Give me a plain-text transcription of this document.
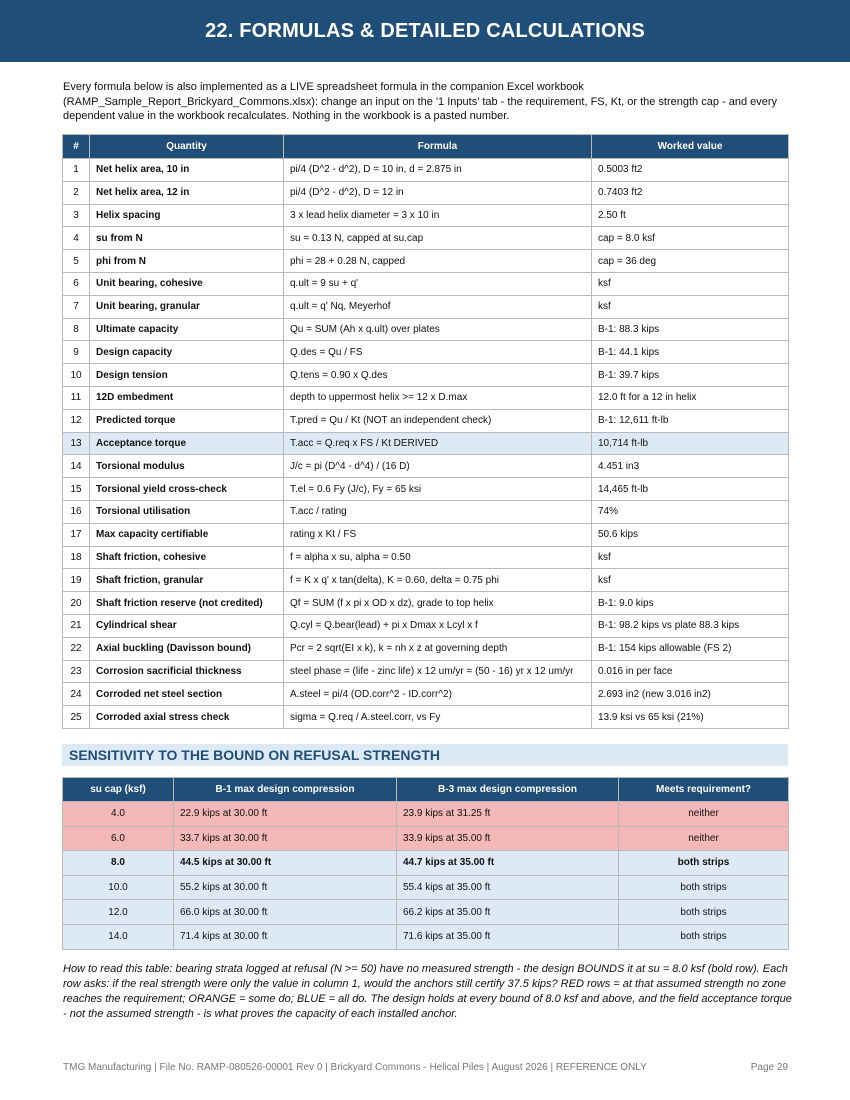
22. FORMULAS & DETAILED CALCULATIONS
Every formula below is also implemented as a LIVE spreadsheet formula in the companion Excel workbook (RAMP_Sample_Report_Brickyard_Commons.xlsx): change an input on the '1 Inputs' tab - the requirement, FS, Kt, or the strength cap - and every dependent value in the workbook recalculates. Nothing in the workbook is a pasted number.
#	Quantity	Formula	Worked value
1	Net helix area, 10 in	pi/4 (D^2 - d^2), D = 10 in, d = 2.875 in	0.5003 ft2
2	Net helix area, 12 in	pi/4 (D^2 - d^2), D = 12 in	0.7403 ft2
3	Helix spacing	3 x lead helix diameter = 3 x 10 in	2.50 ft
4	su from N	su = 0.13 N, capped at su.cap	cap = 8.0 ksf
5	phi from N	phi = 28 + 0.28 N, capped	cap = 36 deg
6	Unit bearing, cohesive	q.ult = 9 su + q'	ksf
7	Unit bearing, granular	q.ult = q' Nq, Meyerhof	ksf
8	Ultimate capacity	Qu = SUM (Ah x q.ult) over plates	B-1: 88.3 kips
9	Design capacity	Q.des = Qu / FS	B-1: 44.1 kips
10	Design tension	Q.tens = 0.90 x Q.des	B-1: 39.7 kips
11	12D embedment	depth to uppermost helix >= 12 x D.max	12.0 ft for a 12 in helix
12	Predicted torque	T.pred = Qu / Kt (NOT an independent check)	B-1: 12,611 ft-lb
13	Acceptance torque	T.acc = Q.req x FS / Kt DERIVED	10,714 ft-lb
14	Torsional modulus	J/c = pi (D^4 - d^4) / (16 D)	4.451 in3
15	Torsional yield cross-check	T.el = 0.6 Fy (J/c), Fy = 65 ksi	14,465 ft-lb
16	Torsional utilisation	T.acc / rating	74%
17	Max capacity certifiable	rating x Kt / FS	50.6 kips
18	Shaft friction, cohesive	f = alpha x su, alpha = 0.50	ksf
19	Shaft friction, granular	f = K x q' x tan(delta), K = 0.60, delta = 0.75 phi	ksf
20	Shaft friction reserve (not credited)	Qf = SUM (f x pi x OD x dz), grade to top helix	B-1: 9.0 kips
21	Cylindrical shear	Q.cyl = Q.bear(lead) + pi x Dmax x Lcyl x f	B-1: 98.2 kips vs plate 88.3 kips
22	Axial buckling (Davisson bound)	Pcr = 2 sqrt(EI x k), k = nh x z at governing depth	B-1: 154 kips allowable (FS 2)
23	Corrosion sacrificial thickness	steel phase = (life - zinc life) x 12 um/yr = (50 - 16) yr x 12 um/yr	0.016 in per face
24	Corroded net steel section	A.steel = pi/4 (OD.corr^2 - ID.corr^2)	2.693 in2 (new 3.016 in2)
25	Corroded axial stress check	sigma = Q.req / A.steel.corr, vs Fy	13.9 ksi vs 65 ksi (21%)
SENSITIVITY TO THE BOUND ON REFUSAL STRENGTH
su cap (ksf)	B-1 max design compression	B-3 max design compression	Meets requirement?
4.0	22.9 kips at 30.00 ft	23.9 kips at 31.25 ft	neither
6.0	33.7 kips at 30.00 ft	33.9 kips at 35.00 ft	neither
8.0	44.5 kips at 30.00 ft	44.7 kips at 35.00 ft	both strips
10.0	55.2 kips at 30.00 ft	55.4 kips at 35.00 ft	both strips
12.0	66.0 kips at 30.00 ft	66.2 kips at 35.00 ft	both strips
14.0	71.4 kips at 30.00 ft	71.6 kips at 35.00 ft	both strips
How to read this table: bearing strata logged at refusal (N >= 50) have no measured strength - the design BOUNDS it at su = 8.0 ksf (bold row). Each row asks: if the real strength were only the value in column 1, would the anchors still certify 37.5 kips? RED rows = at that assumed strength no zone reaches the requirement; ORANGE = some do; BLUE = all do. The design holds at every bound of 8.0 ksf and above, and the field acceptance torque - not the assumed strength - is what proves the capacity of each installed anchor.
TMG Manufacturing | File No. RAMP-080526-00001 Rev 0 | Brickyard Commons - Helical Piles | August 2026 | REFERENCE ONLY	Page 29
